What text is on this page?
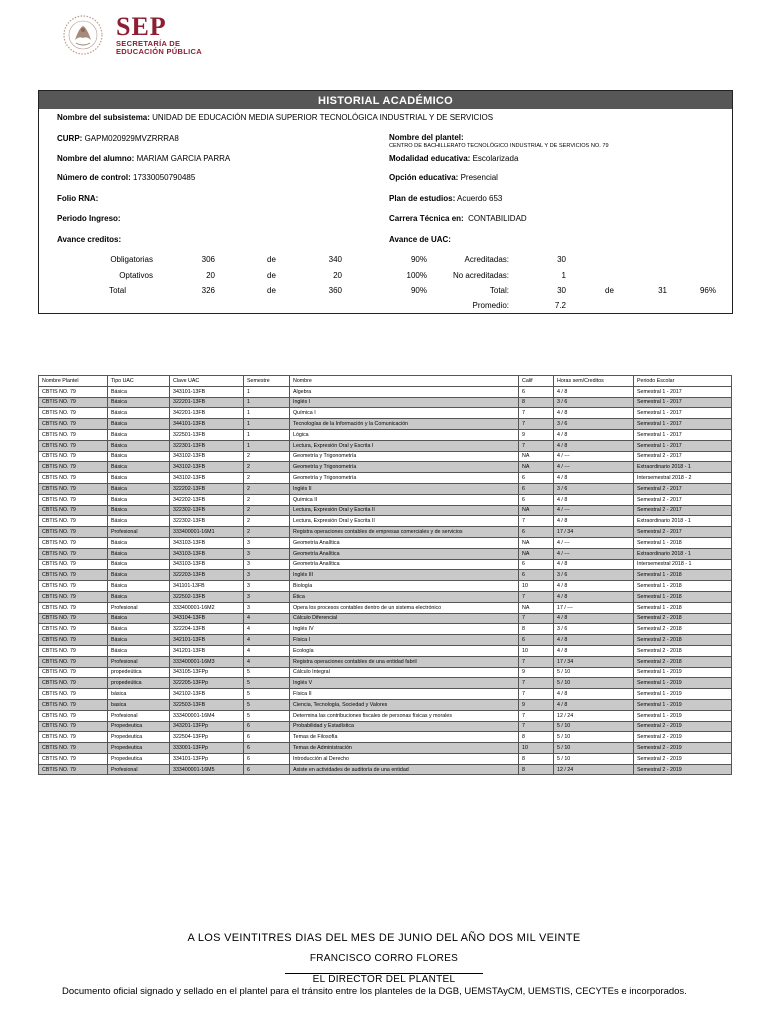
SEP
SECRETARÍA DE
EDUCACIÓN PÚBLICA
HISTORIAL ACADÉMICO
Nombre del subsistema: UNIDAD DE EDUCACIÓN MEDIA SUPERIOR TECNOLÓGICA INDUSTRIAL Y DE SERVICIOS
CURP: GAPM020929MVZRRRA8	Nombre del plantel:
CENTRO DE BACHILLERATO TECNOLÓGICO INDUSTRIAL Y DE SERVICIOS NO. 79
Nombre del alumno: MARIAM GARCIA PARRA	Modalidad educativa: Escolarizada
Número de control: 17330050790485	Opción educativa: Presencial
Folio RNA:	Plan de estudios: Acuerdo 653
Periodo Ingreso:	Carrera Técnica en: CONTABILIDAD
Avance creditos:	Avance de UAC:
Obligatorias	306	de	340	90%
Optativos	20	de	20	100%
Total	326	de	360	90%
Acreditadas:	30
No acreditadas:	1
Total:	30	de	31	96%
Promedio:	7.2
Nombre Plantel	Tipo UAC	Clave UAC	Semestre	Nombre	Calif	Horas sem/Creditos	Periodo Escolar
CBTIS NO. 79	Básica	343101-13FB	1	Algebra	6	4 / 8	Semestral 1 - 2017
CBTIS NO. 79	Básica	322201-13FB	1	Inglés I	8	3 / 6	Semestral 1 - 2017
CBTIS NO. 79	Básica	342201-13FB	1	Química I	7	4 / 8	Semestral 1 - 2017
CBTIS NO. 79	Básica	344101-13FB	1	Tecnologías de la Información y la Comunicación	7	3 / 6	Semestral 1 - 2017
CBTIS NO. 79	Básica	322501-13FB	1	Lógica	9	4 / 8	Semestral 1 - 2017
CBTIS NO. 79	Básica	322301-13FB	1	Lectura, Expresión Oral y Escrita I	7	4 / 8	Semestral 1 - 2017
CBTIS NO. 79	Básica	343102-13FB	2	Geometría y Trigonometría	NA	4 / ---	Semestral 2 - 2017
CBTIS NO. 79	Básica	343102-13FB	2	Geometría y Trigonometría	NA	4 / ---	Extraordinario 2018 - 1
CBTIS NO. 79	Básica	343102-13FB	2	Geometría y Trigonometría	6	4 / 8	Intersemestral 2018 - 2
CBTIS NO. 79	Básica	322202-13FB	2	Inglés II	6	3 / 6	Semestral 2 - 2017
CBTIS NO. 79	Básica	342202-13FB	2	Química II	6	4 / 8	Semestral 2 - 2017
CBTIS NO. 79	Básica	322302-13FB	2	Lectura, Expresión Oral y Escrita II	NA	4 / ---	Semestral 2 - 2017
CBTIS NO. 79	Básica	322302-13FB	2	Lectura, Expresión Oral y Escrita II	7	4 / 8	Extraordinario 2018 - 1
CBTIS NO. 79	Profesional	333400001-16M1	2	Registra operaciones contables de empresas comerciales y de servicios	6	17 / 34	Semestral 2 - 2017
CBTIS NO. 79	Básica	343103-13FB	3	Geometría Analítica	NA	4 / ---	Semestral 1 - 2018
CBTIS NO. 79	Básica	343103-13FB	3	Geometría Analítica	NA	4 / ---	Extraordinario 2018 - 1
CBTIS NO. 79	Básica	343103-13FB	3	Geometría Analítica	6	4 / 8	Intersemestral 2018 - 1
CBTIS NO. 79	Básica	322203-13FB	3	Inglés III	6	3 / 6	Semestral 1 - 2018
CBTIS NO. 79	Básica	341101-13FB	3	Biología	10	4 / 8	Semestral 1 - 2018
CBTIS NO. 79	Básica	322502-13FB	3	Ética	7	4 / 8	Semestral 1 - 2018
CBTIS NO. 79	Profesional	333400001-16M2	3	Opera los procesos contables dentro de un sistema electrónico	NA	17 / ---	Semestral 1 - 2018
CBTIS NO. 79	Básica	343104-13FB	4	Cálculo Diferencial	7	4 / 8	Semestral 2 - 2018
CBTIS NO. 79	Básica	322204-13FB	4	Inglés IV	8	3 / 6	Semestral 2 - 2018
CBTIS NO. 79	Básica	342101-13FB	4	Física I	6	4 / 8	Semestral 2 - 2018
CBTIS NO. 79	Básica	341201-13FB	4	Ecología	10	4 / 8	Semestral 2 - 2018
CBTIS NO. 79	Profesional	333400001-16M3	4	Registra operaciones contables de una entidad fabril	7	17 / 34	Semestral 2 - 2018
CBTIS NO. 79	propedeútica	343105-13FPp	5	Cálculo Integral	9	5 / 10	Semestral 1 - 2019
CBTIS NO. 79	propedeútica	322205-13FPp	5	Inglés V	7	5 / 10	Semestral 1 - 2019
CBTIS NO. 79	básica	342102-13FB	5	Física II	7	4 / 8	Semestral 1 - 2019
CBTIS NO. 79	basica	322503-13FB	5	Ciencia, Tecnología, Sociedad y Valores	9	4 / 8	Semestral 1 - 2019
CBTIS NO. 79	Profesional	333400001-16M4	5	Determina las contribuciones fiscales de personas físicas y morales	7	12 / 24	Semestral 1 - 2019
CBTIS NO. 79	Propedeutica	343201-13FPp	6	Probabilidad y Estadística	7	5 / 10	Semestral 2 - 2019
CBTIS NO. 79	Propedeutica	322504-13FPp	6	Temas de Filosofía	8	5 / 10	Semestral 2 - 2019
CBTIS NO. 79	Propedeutica	333001-13FPp	6	Temas de Administración	10	5 / 10	Semestral 2 - 2019
CBTIS NO. 79	Propedeutica	334101-13FPp	6	Introducción al Derecho	8	5 / 10	Semestral 2 - 2019
CBTIS NO. 79	Profesional	333400001-16M5	6	Asiste en actividades de auditoría de una entidad	8	12 / 24	Semestral 2 - 2019
A LOS VEINTITRES DIAS DEL MES DE JUNIO DEL AÑO DOS MIL VEINTE
FRANCISCO CORRO FLORES
EL DIRECTOR DEL PLANTEL
Documento oficial signado y sellado en el plantel para el tránsito entre los planteles de la DGB, UEMSTAyCM, UEMSTIS, CECYTEs e incorporados.
